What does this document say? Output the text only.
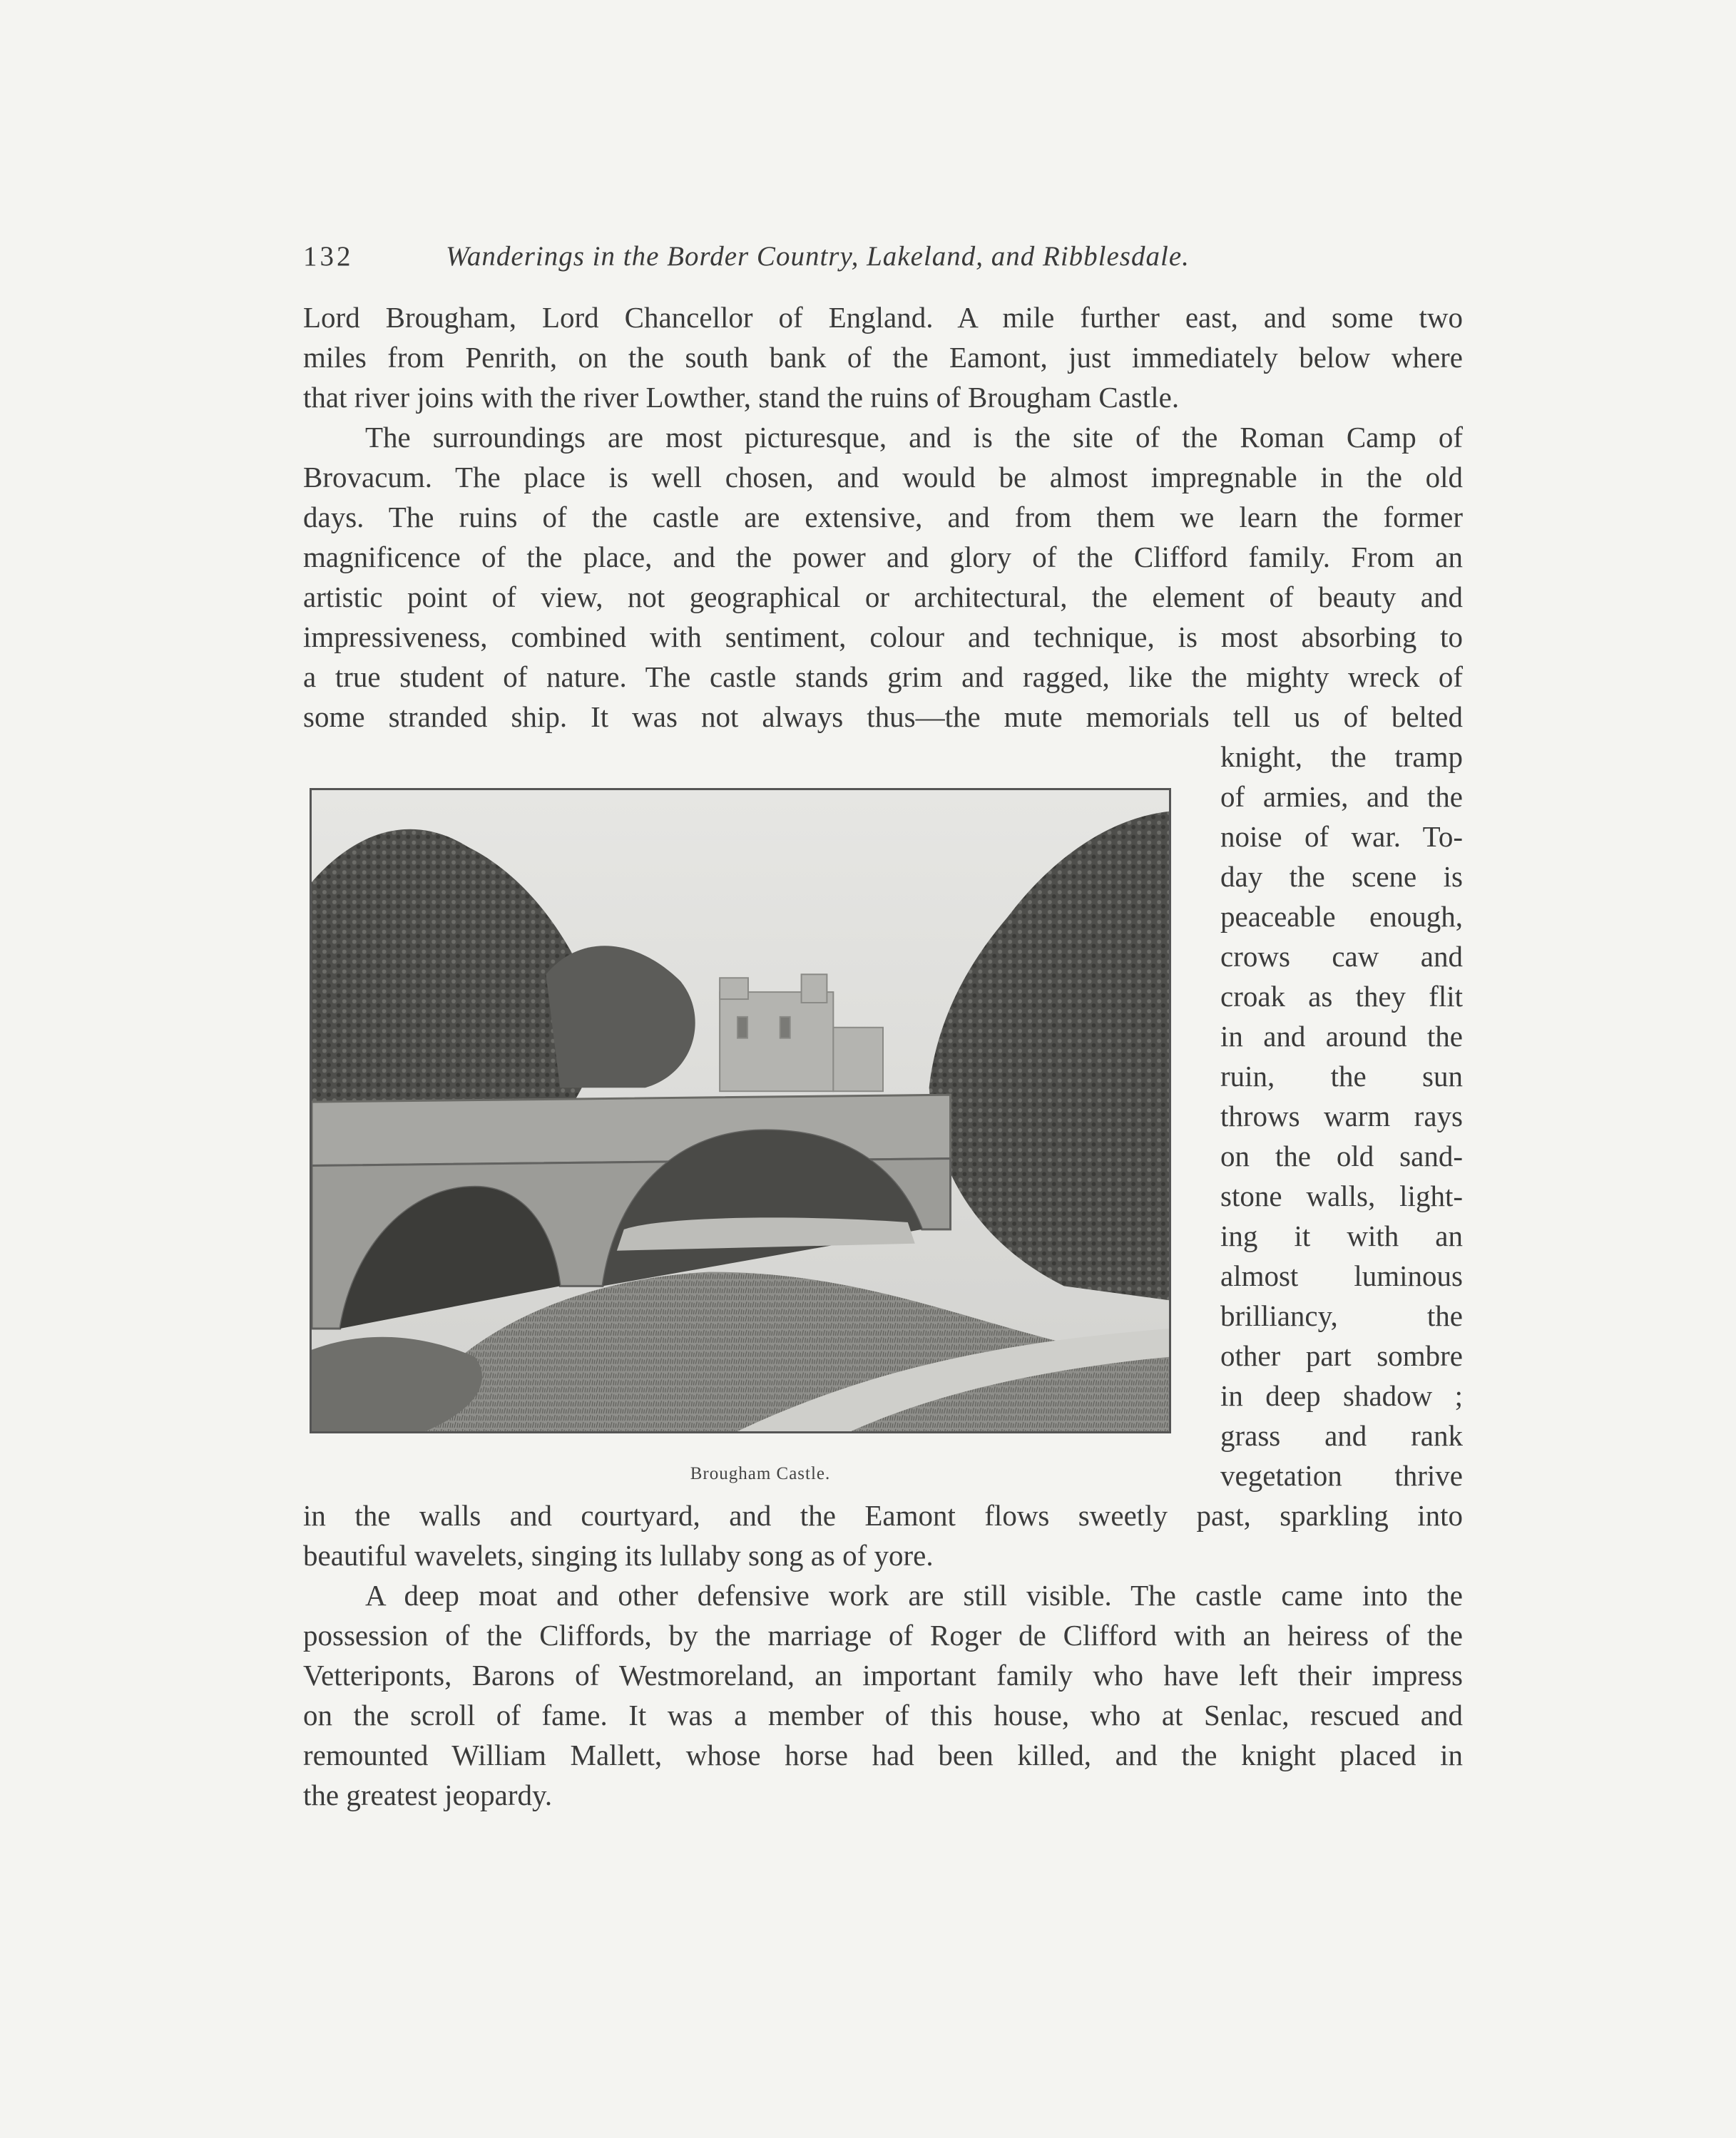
132	Wanderings in the Border Country, Lakeland, and Ribblesdale.
Lord Brougham, Lord Chancellor of England. A mile further east, and some two
miles from Penrith, on the south bank of the Eamont, just immediately below where
that river joins with the river Lowther, stand the ruins of Brougham Castle.
The surroundings are most picturesque, and is the site of the Roman Camp of
Brovacum. The place is well chosen, and would be almost impregnable in the old
days. The ruins of the castle are extensive, and from them we learn the former
magnificence of the place, and the power and glory of the Clifford family. From an
artistic point of view, not geographical or architectural, the element of beauty and
impressiveness, combined with sentiment, colour and technique, is most absorbing to
a true student of nature. The castle stands grim and ragged, like the mighty wreck of
some stranded ship. It was not always thus—the mute memorials tell us of belted
knight, the tramp
of armies, and the
noise of war. To-
day the scene is
peaceable enough,
crows caw and
croak as they flit
in and around the
ruin, the sun
throws warm rays
on the old sand-
stone walls, light-
ing it with an
almost luminous
brilliancy, the
other part sombre
in deep shadow ;
grass and rank
vegetation thrive
in the walls and courtyard, and the Eamont flows sweetly past, sparkling into
beautiful wavelets, singing its lullaby song as of yore.
A deep moat and other defensive work are still visible. The castle came into the
possession of the Cliffords, by the marriage of Roger de Clifford with an heiress of the
Vetteriponts, Barons of Westmoreland, an important family who have left their impress
on the scroll of fame. It was a member of this house, who at Senlac, rescued and
remounted William Mallett, whose horse had been killed, and the knight placed in
the greatest jeopardy.
Brougham Castle.
